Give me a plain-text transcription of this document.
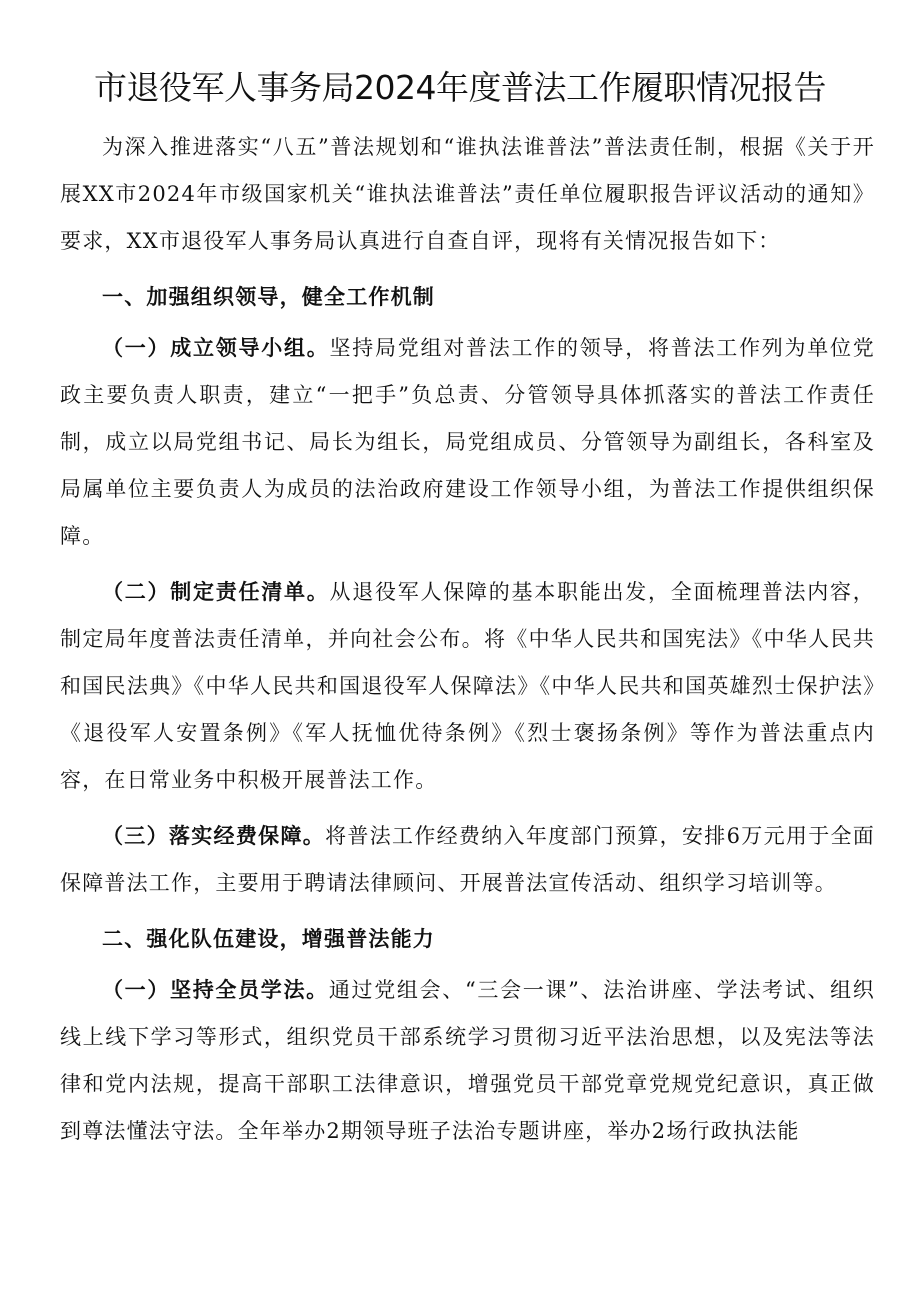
市退役军人事务局2024年度普法工作履职情况报告

为深入推进落实“八五”普法规划和“谁执法谁普法”普法责任制，根据《关于开展XX市2024年市级国家机关“谁执法谁普法”责任单位履职报告评议活动的通知》要求，XX市退役军人事务局认真进行自查自评，现将有关情况报告如下：

一、加强组织领导，健全工作机制

（一）成立领导小组。坚持局党组对普法工作的领导，将普法工作列为单位党政主要负责人职责，建立“一把手”负总责、分管领导具体抓落实的普法工作责任制，成立以局党组书记、局长为组长，局党组成员、分管领导为副组长，各科室及局属单位主要负责人为成员的法治政府建设工作领导小组，为普法工作提供组织保障。

（二）制定责任清单。从退役军人保障的基本职能出发，全面梳理普法内容，制定局年度普法责任清单，并向社会公布。将《中华人民共和国宪法》《中华人民共和国民法典》《中华人民共和国退役军人保障法》《中华人民共和国英雄烈士保护法》《退役军人安置条例》《军人抚恤优待条例》《烈士褒扬条例》等作为普法重点内容，在日常业务中积极开展普法工作。

（三）落实经费保障。将普法工作经费纳入年度部门预算，安排6万元用于全面保障普法工作，主要用于聘请法律顾问、开展普法宣传活动、组织学习培训等。

二、强化队伍建设，增强普法能力

（一）坚持全员学法。通过党组会、“三会一课”、法治讲座、学法考试、组织线上线下学习等形式，组织党员干部系统学习贯彻习近平法治思想，以及宪法等法律和党内法规，提高干部职工法律意识，增强党员干部党章党规党纪意识，真正做到尊法懂法守法。全年举办2期领导班子法治专题讲座，举办2场行政执法能
